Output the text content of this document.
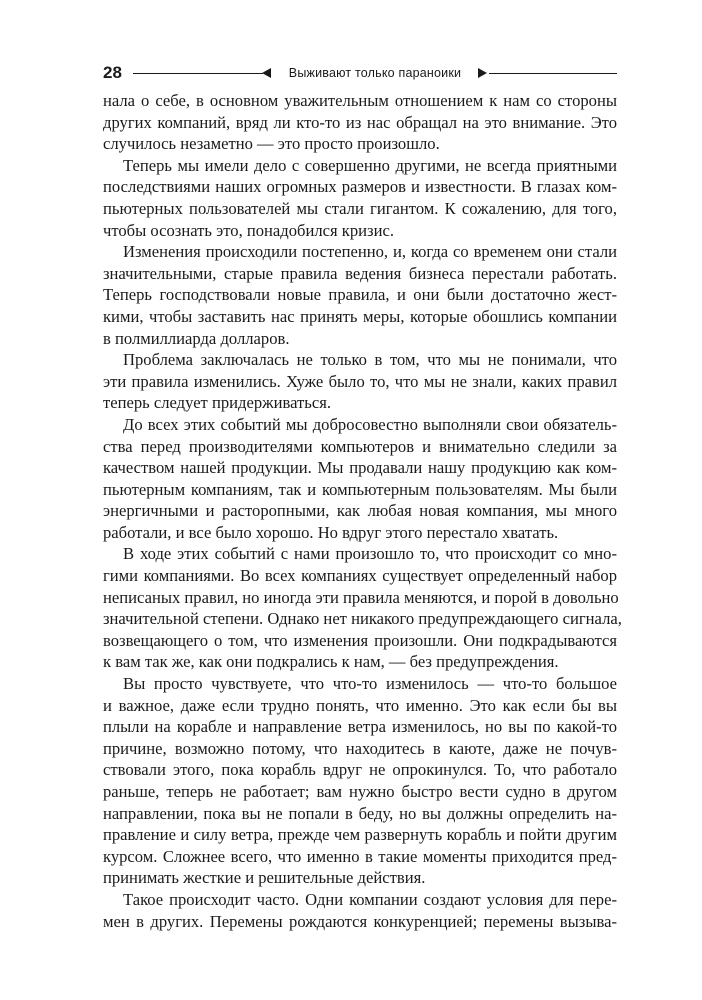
28	Выживают только параноики
нала о себе, в основном уважительным отношением к нам со стороны
других компаний, вряд ли кто-то из нас обращал на это внимание. Это
случилось незаметно — это просто произошло.
Теперь мы имели дело с совершенно другими, не всегда приятными
последствиями наших огромных размеров и известности. В глазах ком-
пьютерных пользователей мы стали гигантом. К сожалению, для того,
чтобы осознать это, понадобился кризис.
Изменения происходили постепенно, и, когда со временем они стали
значительными, старые правила ведения бизнеса перестали работать.
Теперь господствовали новые правила, и они были достаточно жест-
кими, чтобы заставить нас принять меры, которые обошлись компании
в полмиллиарда долларов.
Проблема заключалась не только в том, что мы не понимали, что
эти правила изменились. Хуже было то, что мы не знали, каких правил
теперь следует придерживаться.
До всех этих событий мы добросовестно выполняли свои обязатель-
ства перед производителями компьютеров и внимательно следили за
качеством нашей продукции. Мы продавали нашу продукцию как ком-
пьютерным компаниям, так и компьютерным пользователям. Мы были
энергичными и расторопными, как любая новая компания, мы много
работали, и все было хорошо. Но вдруг этого перестало хватать.
В ходе этих событий с нами произошло то, что происходит со мно-
гими компаниями. Во всех компаниях существует определенный набор
неписаных правил, но иногда эти правила меняются, и порой в довольно
значительной степени. Однако нет никакого предупреждающего сигнала,
возвещающего о том, что изменения произошли. Они подкрадываются
к вам так же, как они подкрались к нам, — без предупреждения.
Вы просто чувствуете, что что-то изменилось — что-то большое
и важное, даже если трудно понять, что именно. Это как если бы вы
плыли на корабле и направление ветра изменилось, но вы по какой-то
причине, возможно потому, что находитесь в каюте, даже не почув-
ствовали этого, пока корабль вдруг не опрокинулся. То, что работало
раньше, теперь не работает; вам нужно быстро вести судно в другом
направлении, пока вы не попали в беду, но вы должны определить на-
правление и силу ветра, прежде чем развернуть корабль и пойти другим
курсом. Сложнее всего, что именно в такие моменты приходится пред-
принимать жесткие и решительные действия.
Такое происходит часто. Одни компании создают условия для пере-
мен в других. Перемены рождаются конкуренцией; перемены вызыва-
